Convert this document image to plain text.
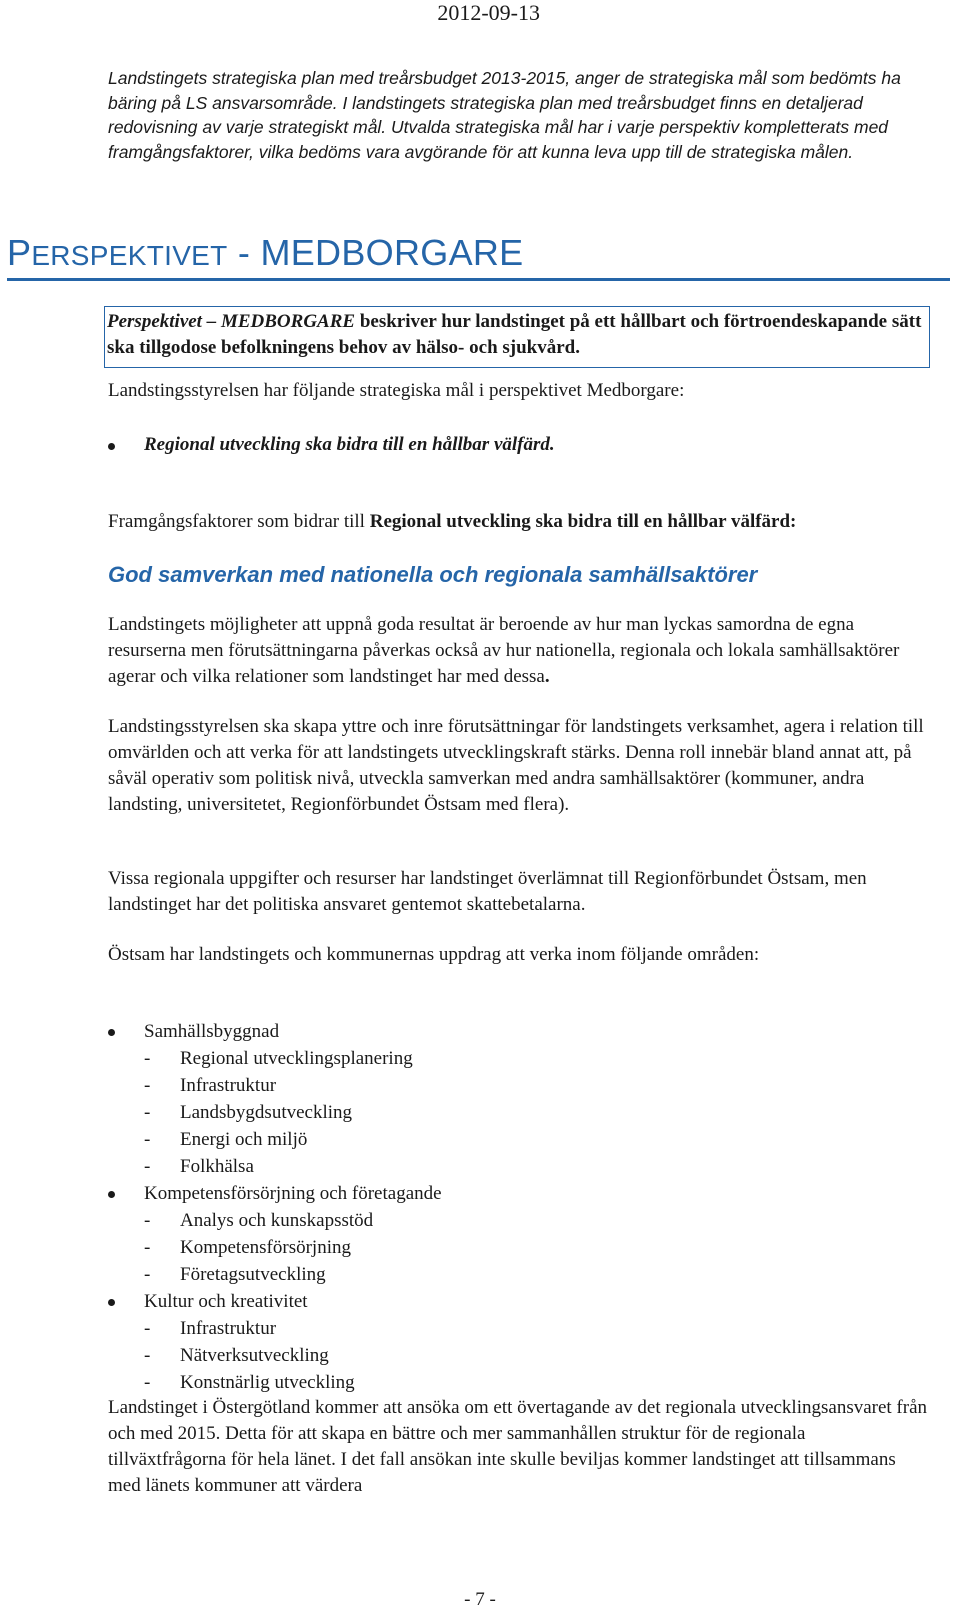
2012-09-13
Landstingets strategiska plan med treårsbudget 2013-2015, anger de strategiska mål som bedömts ha bäring på LS ansvarsområde. I landstingets strategiska plan med treårsbudget finns en detaljerad redovisning av varje strategiskt mål. Utvalda strategiska mål har i varje perspektiv kompletterats med framgångsfaktorer, vilka bedöms vara avgörande för att kunna leva upp till de strategiska målen.
PERSPEKTIVET - MEDBORGARE
Perspektivet – MEDBORGARE beskriver hur landstinget på ett hållbart och förtroendeskapande sätt ska tillgodose befolkningens behov av hälso- och sjukvård.
Landstingsstyrelsen har följande strategiska mål i perspektivet Medborgare:
Regional utveckling ska bidra till en hållbar välfärd.
Framgångsfaktorer som bidrar till Regional utveckling ska bidra till en hållbar välfärd:
God samverkan med nationella och regionala samhällsaktörer
Landstingets möjligheter att uppnå goda resultat är beroende av hur man lyckas samordna de egna resurserna men förutsättningarna påverkas också av hur nationella, regionala och lokala samhällsaktörer agerar och vilka relationer som landstinget har med dessa.
Landstingsstyrelsen ska skapa yttre och inre förutsättningar för landstingets verksamhet, agera i relation till omvärlden och att verka för att landstingets utvecklingskraft stärks. Denna roll innebär bland annat att, på såväl operativ som politisk nivå, utveckla samverkan med andra samhällsaktörer (kommuner, andra landsting, universitetet, Regionförbundet Östsam med flera).
Vissa regionala uppgifter och resurser har landstinget överlämnat till Regionförbundet Östsam, men landstinget har det politiska ansvaret gentemot skattebetalarna.
Östsam har landstingets och kommunernas uppdrag att verka inom följande områden:
Samhällsbyggnad
- Regional utvecklingsplanering
- Infrastruktur
- Landsbygdsutveckling
- Energi och miljö
- Folkhälsa
Kompetensförsörjning och företagande
- Analys och kunskapsstöd
- Kompetensförsörjning
- Företagsutveckling
Kultur och kreativitet
- Infrastruktur
- Nätverksutveckling
- Konstnärlig utveckling
Landstinget i Östergötland kommer att ansöka om ett övertagande av det regionala utvecklingsansvaret från och med 2015. Detta för att skapa en bättre och mer sammanhållen struktur för de regionala tillväxtfrågorna för hela länet. I det fall ansökan inte skulle beviljas kommer landstinget att tillsammans med länets kommuner att värdera
- 7 -
